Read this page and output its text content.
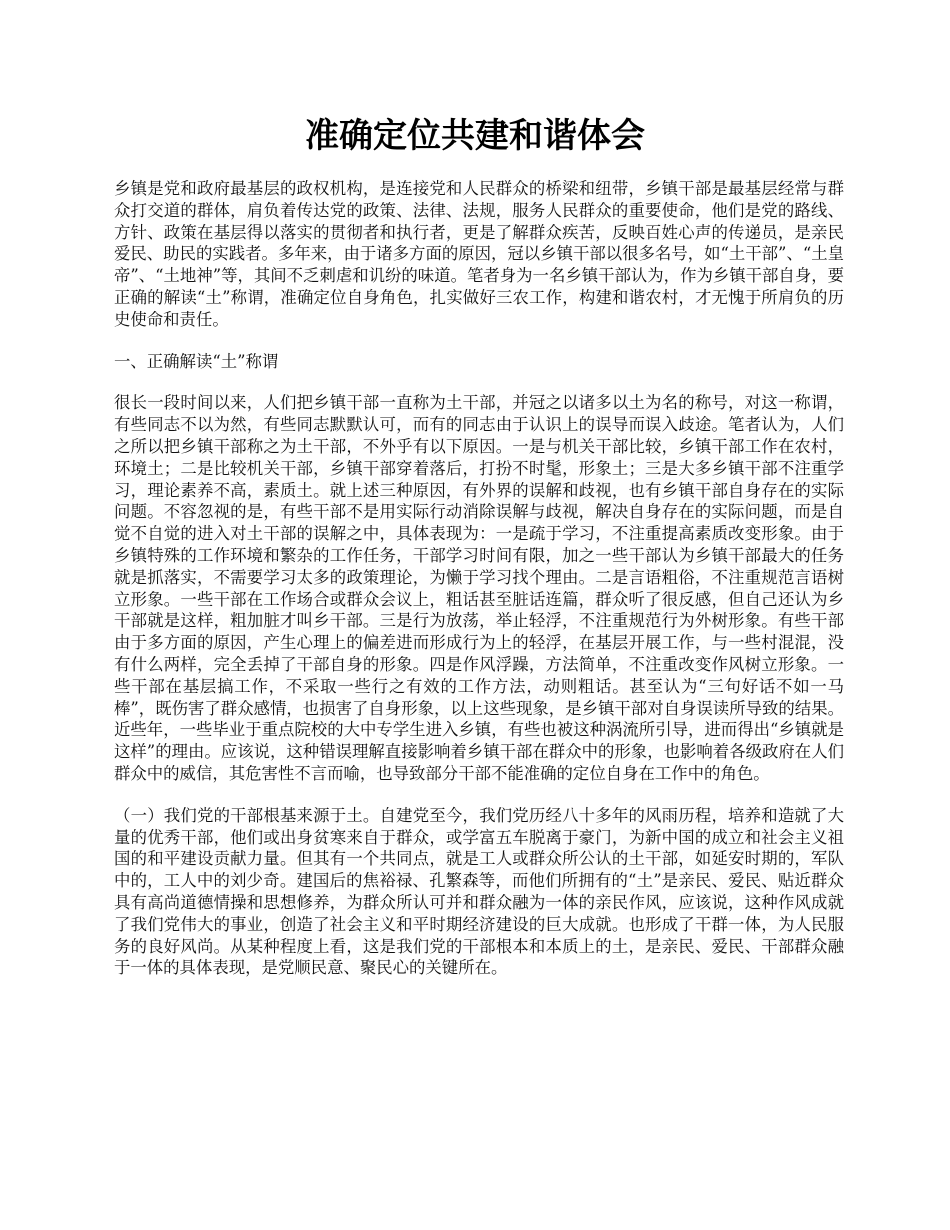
准确定位共建和谐体会

乡镇是党和政府最基层的政权机构，是连接党和人民群众的桥梁和纽带，乡镇干部是最基层经常与群众打交道的群体，肩负着传达党的政策、法律、法规，服务人民群众的重要使命，他们是党的路线、方针、政策在基层得以落实的贯彻者和执行者，更是了解群众疾苦，反映百姓心声的传递员，是亲民爱民、助民的实践者。多年来，由于诸多方面的原因，冠以乡镇干部以很多名号，如“土干部”、“土皇帝”、“土地神”等，其间不乏刺虐和讥纷的味道。笔者身为一名乡镇干部认为，作为乡镇干部自身，要正确的解读“土”称谓，准确定位自身角色，扎实做好三农工作，构建和谐农村，才无愧于所肩负的历史使命和责任。

一、正确解读“土”称谓

很长一段时间以来，人们把乡镇干部一直称为土干部，并冠之以诸多以土为名的称号，对这一称谓，有些同志不以为然，有些同志默默认可，而有的同志由于认识上的误导而误入歧途。笔者认为，人们之所以把乡镇干部称之为土干部，不外乎有以下原因。一是与机关干部比较，乡镇干部工作在农村，环境土；二是比较机关干部，乡镇干部穿着落后，打扮不时髦，形象土；三是大多乡镇干部不注重学习，理论素养不高，素质土。就上述三种原因，有外界的误解和歧视，也有乡镇干部自身存在的实际问题。不容忽视的是，有些干部不是用实际行动消除误解与歧视，解决自身存在的实际问题，而是自觉不自觉的进入对土干部的误解之中，具体表现为：一是疏于学习，不注重提高素质改变形象。由于乡镇特殊的工作环境和繁杂的工作任务，干部学习时间有限，加之一些干部认为乡镇干部最大的任务就是抓落实，不需要学习太多的政策理论，为懒于学习找个理由。二是言语粗俗，不注重规范言语树立形象。一些干部在工作场合或群众会议上，粗话甚至脏话连篇，群众听了很反感，但自己还认为乡干部就是这样，粗加脏才叫乡干部。三是行为放荡，举止轻浮，不注重规范行为外树形象。有些干部由于多方面的原因，产生心理上的偏差进而形成行为上的轻浮，在基层开展工作，与一些村混混，没有什么两样，完全丢掉了干部自身的形象。四是作风浮躁，方法简单，不注重改变作风树立形象。一些干部在基层搞工作，不采取一些行之有效的工作方法，动则粗话。甚至认为“三句好话不如一马棒”，既伤害了群众感情，也损害了自身形象，以上这些现象，是乡镇干部对自身误读所导致的结果。近些年，一些毕业于重点院校的大中专学生进入乡镇，有些也被这种涡流所引导，进而得出“乡镇就是这样”的理由。应该说，这种错误理解直接影响着乡镇干部在群众中的形象，也影响着各级政府在人们群众中的威信，其危害性不言而喻，也导致部分干部不能准确的定位自身在工作中的角色。

（一）我们党的干部根基来源于土。自建党至今，我们党历经八十多年的风雨历程，培养和造就了大量的优秀干部，他们或出身贫寒来自于群众，或学富五车脱离于豪门，为新中国的成立和社会主义祖国的和平建设贡献力量。但其有一个共同点，就是工人或群众所公认的土干部，如延安时期的，军队中的，工人中的刘少奇。建国后的焦裕禄、孔繁森等，而他们所拥有的“土”是亲民、爱民、贴近群众具有高尚道德情操和思想修养，为群众所认可并和群众融为一体的亲民作风，应该说，这种作风成就了我们党伟大的事业，创造了社会主义和平时期经济建设的巨大成就。也形成了干群一体，为人民服务的良好风尚。从某种程度上看，这是我们党的干部根本和本质上的土，是亲民、爱民、干部群众融于一体的具体表现，是党顺民意、聚民心的关键所在。
